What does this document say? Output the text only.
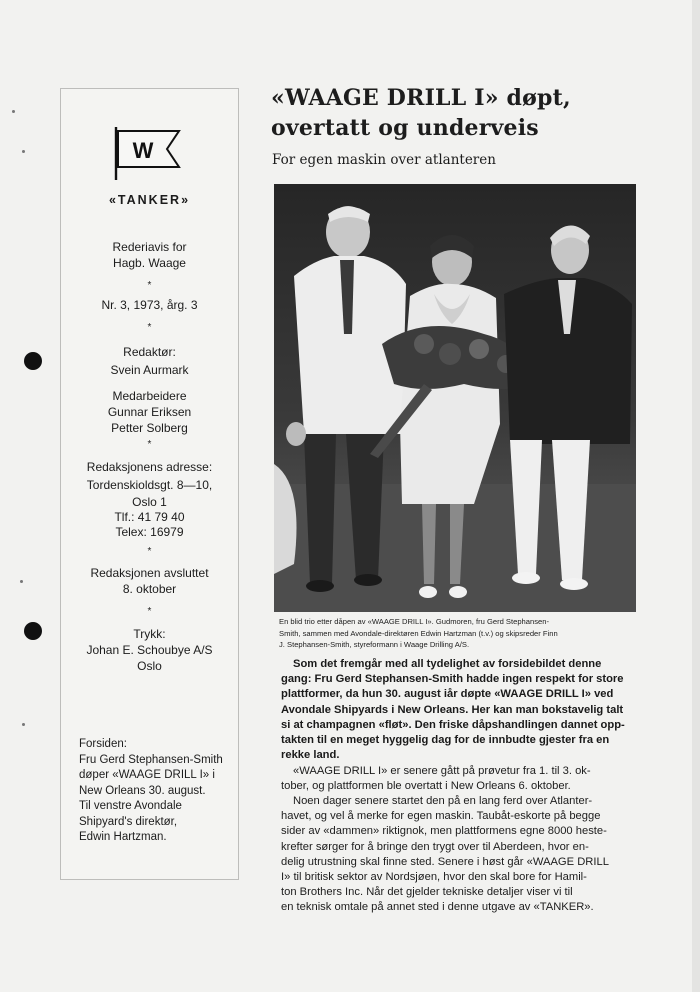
W
«TANKER»
Rederiavis for
Hagb. Waage
*
Nr. 3, 1973, årg. 3
*
Redaktør:
Svein Aurmark
Medarbeidere
Gunnar Eriksen
Petter Solberg
*
Redaksjonens adresse:
Tordenskioldsgt. 8—10,
Oslo 1
Tlf.: 41 79 40
Telex: 16979
*
Redaksjonen avsluttet
8. oktober
*
Trykk:
Johan E. Schoubye A/S
Oslo
Forsiden:
Fru Gerd Stephansen-Smith
døper «WAAGE DRILL I» i
New Orleans 30. august.
Til venstre Avondale
Shipyard's direktør,
Edwin Hartzman.
«WAAGE DRILL I» døpt,
overtatt og underveis
For egen maskin over atlanteren
En blid trio etter dåpen av «WAAGE DRILL I». Gudmoren, fru Gerd Stephansen-
Smith, sammen med Avondale-direktøren Edwin Hartzman (t.v.) og skipsreder Finn
J. Stephansen-Smith, styreformann i Waage Drilling A/S.
Som det fremgår med all tydelighet av forsidebildet denne
gang: Fru Gerd Stephansen-Smith hadde ingen respekt for store
plattformer, da hun 30. august iår døpte «WAAGE DRILL I» ved
Avondale Shipyards i New Orleans. Her kan man bokstavelig talt
si at champagnen «fløt». Den friske dåpshandlingen dannet opp-
takten til en meget hyggelig dag for de innbudte gjester fra en
rekke land.
«WAAGE DRILL I» er senere gått på prøvetur fra 1. til 3. ok-
tober, og plattformen ble overtatt i New Orleans 6. oktober.
Noen dager senere startet den på en lang ferd over Atlanter-
havet, og vel å merke for egen maskin. Taubåt-eskorte på begge
sider av «dammen» riktignok, men plattformens egne 8000 heste-
krefter sørger for å bringe den trygt over til Aberdeen, hvor en-
delig utrustning skal finne sted. Senere i høst går «WAAGE DRILL
I» til britisk sektor av Nordsjøen, hvor den skal bore for Hamil-
ton Brothers Inc. Når det gjelder tekniske detaljer viser vi til
en teknisk omtale på annet sted i denne utgave av «TANKER».
